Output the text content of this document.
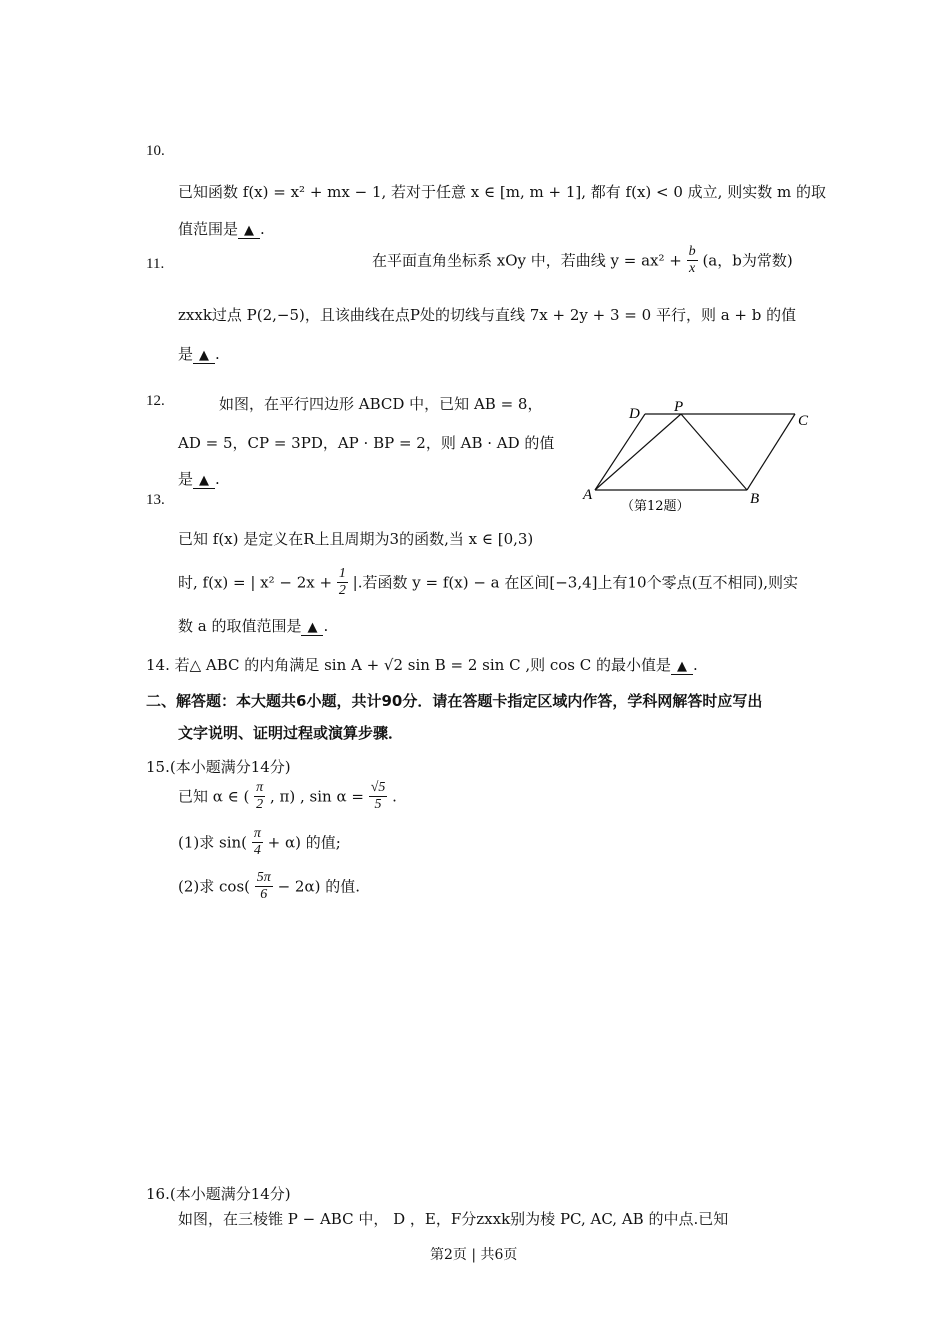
10.
已知函数 f(x) = x² + mx − 1, 若对于任意 x ∈ [m, m + 1], 都有 f(x) < 0 成立, 则实数 m 的取
值范围是 ▲ .
11.	在平面直角坐标系 xOy 中，若曲线 $y = ax^2 + \frac{b}{x} (a$，b为常数)
zxxk过点 P(2,−5)，且该曲线在点P处的切线与直线 7x + 2y + 3 = 0 平行，则 a + b 的值
是 ▲ .
12.	如图，在平行四边形 ABCD 中，已知 AB = 8，
AD = 5，CP = 3PD，AP · BP = 2，则 AB · AD 的值
是 ▲ .
D P
C
A	B
（第12题）
13.
已知 f(x) 是定义在R上且周期为3的函数,当 x ∈ [0,3)
时, f(x) = | $x^2 - 2x + \frac{1}{2}$ |.若函数 y = f(x) − a 在区间[−3,4]上有10个零点(互不相同),则实
数 a 的取值范围是 ▲ .
14. 若△ ABC 的内角满足 sin A + √2 sin B = 2 sin C ,则 cos C 的最小值是 ▲ .
二、解答题：本大题共6小题，共计90分．请在答题卡指定区域内作答，学科网解答时应写出
文字说明、证明过程或演算步骤．
15.(本小题满分14分)
已知 α ∈ ( $\frac{\pi}{2}$ , π) , $\sin \alpha = \frac{√5}{5}$ .
(1)求 $\sin( \frac{\pi}{4} + \alpha)$ 的值;
(2)求 $\cos( \frac{5\pi}{6} - 2\alpha)$ 的值.
16.(本小题满分14分)
如图，在三棱锥 P − ABC 中， D ，E，F分zxxk别为棱 PC, AC, AB 的中点.已知
第2页 | 共6页
